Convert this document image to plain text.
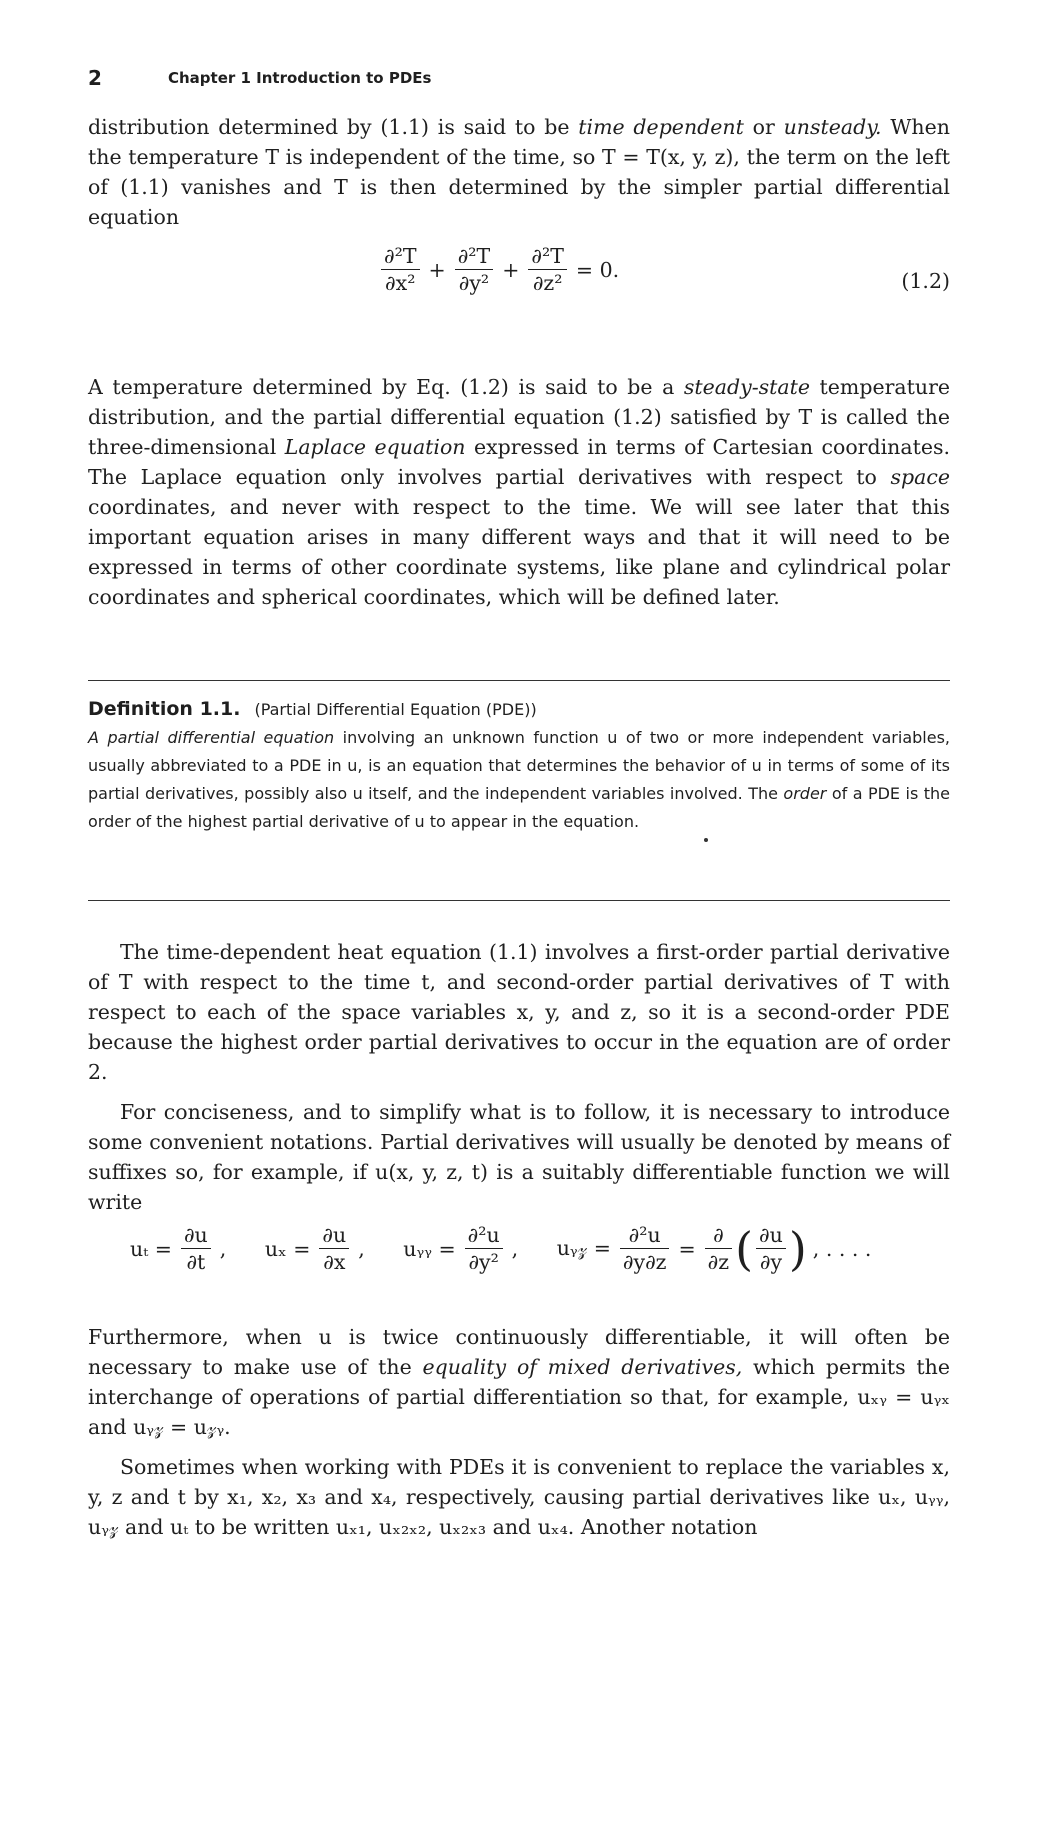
2	Chapter 1 Introduction to PDEs

distribution determined by (1.1) is said to be time dependent or unsteady. When the temperature T is independent of the time, so T = T(x, y, z), the term on the left of (1.1) vanishes and T is then determined by the simpler partial differential equation

$\frac{\text{∂²T}}{\text{∂x²}} + \frac{\text{∂²T}}{\text{∂y²}} + \frac{\text{∂²T}}{\text{∂z²}} = 0$.	(1.2)

A temperature determined by Eq. (1.2) is said to be a steady-state temperature distribution, and the partial differential equation (1.2) satisfied by T is called the three-dimensional Laplace equation expressed in terms of Cartesian coordinates. The Laplace equation only involves partial derivatives with respect to space coordinates, and never with respect to the time. We will see later that this important equation arises in many different ways and that it will need to be expressed in terms of other coordinate systems, like plane and cylindrical polar coordinates and spherical coordinates, which will be defined later.

Definition 1.1. (Partial Differential Equation (PDE))

A partial differential equation involving an unknown function u of two or more independent variables, usually abbreviated to a PDE in u, is an equation that determines the behavior of u in terms of some of its partial derivatives, possibly also u itself, and the independent variables involved. The order of a PDE is the order of the highest partial derivative of u to appear in the equation.

The time-dependent heat equation (1.1) involves a first-order partial derivative of T with respect to the time t, and second-order partial derivatives of T with respect to each of the space variables x, y, and z, so it is a second-order PDE because the highest order partial derivatives to occur in the equation are of order 2.

For conciseness, and to simplify what is to follow, it is necessary to introduce some convenient notations. Partial derivatives will usually be denoted by means of suffixes so, for example, if u(x, y, z, t) is a suitably differentiable function we will write

$u_t = \frac{\partial u}{\partial t}$ , $u_x = \frac{\partial u}{\partial x}$ , uᵧᵧ = $\frac{\text{∂²u}}{\text{∂y²}}$ , uᵧ𝓏 = $\frac{\text{∂²u}}{\partial y\partial z} = \frac{\partial}{\partial z}$ ( $\frac{\partial u}{\partial y}$ ) , . . . .

Furthermore, when u is twice continuously differentiable, it will often be necessary to make use of the equality of mixed derivatives, which permits the interchange of operations of partial differentiation so that, for example, uₓᵧ = uᵧₓ and uᵧ𝓏 = u𝓏ᵧ.

Sometimes when working with PDEs it is convenient to replace the variables x, y, z and t by x₁, x₂, x₃ and x₄, respectively, causing partial derivatives like uₓ, uᵧᵧ, uᵧ𝓏 and uₜ to be written uₓ₁, uₓ₂ₓ₂, uₓ₂ₓ₃ and uₓ₄. Another notation
